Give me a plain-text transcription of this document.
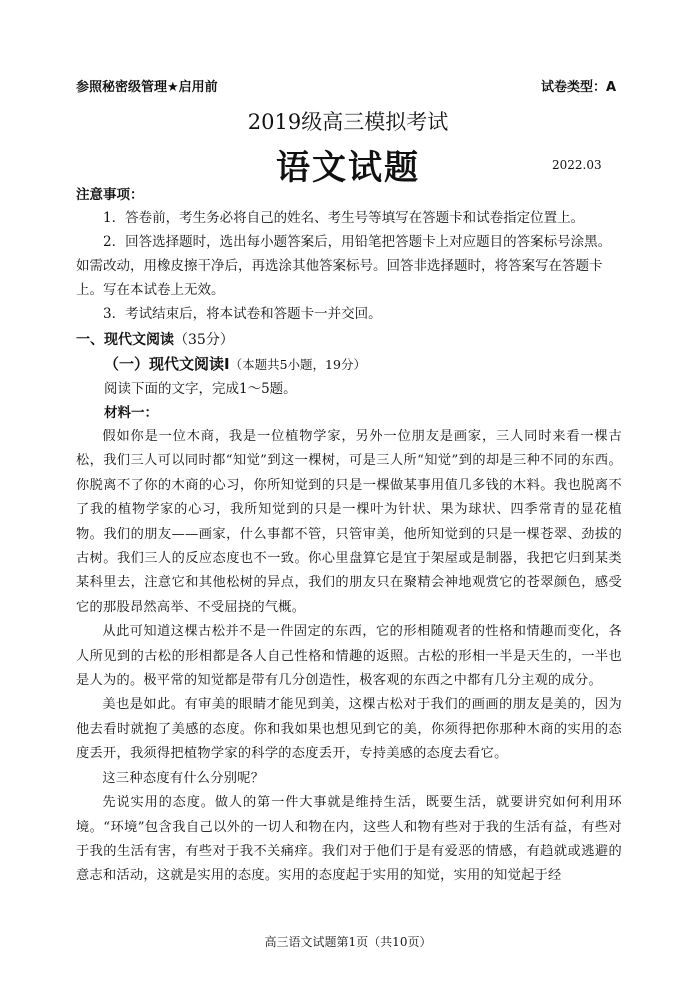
参照秘密级管理★启用前	试卷类型：A
2019级高三模拟考试
语文试题	2022.03
注意事项：

1．答卷前，考生务必将自己的姓名、考生号等填写在答题卡和试卷指定位置上。

2．回答选择题时，选出每小题答案后，用铅笔把答题卡上对应题目的答案标号涂黑。如需改动，用橡皮擦干净后，再选涂其他答案标号。回答非选择题时，将答案写在答题卡上。写在本试卷上无效。

3．考试结束后，将本试卷和答题卡一并交回。

一、现代文阅读（35分）
（一）现代文阅读Ⅰ（本题共5小题，19分）
阅读下面的文字，完成1～5题。
材料一：

假如你是一位木商，我是一位植物学家，另外一位朋友是画家，三人同时来看一棵古松，我们三人可以同时都“知觉”到这一棵树，可是三人所“知觉”到的却是三种不同的东西。你脱离不了你的木商的心习，你所知觉到的只是一棵做某事用值几多钱的木料。我也脱离不了我的植物学家的心习，我所知觉到的只是一棵叶为针状、果为球状、四季常青的显花植物。我们的朋友——画家，什么事都不管，只管审美，他所知觉到的只是一棵苍翠、劲拔的古树。我们三人的反应态度也不一致。你心里盘算它是宜于架屋或是制器，我把它归到某类某科里去，注意它和其他松树的异点，我们的朋友只在聚精会神地观赏它的苍翠颜色，感受它的那股昂然高举、不受屈挠的气概。

从此可知道这棵古松并不是一件固定的东西，它的形相随观者的性格和情趣而变化，各人所见到的古松的形相都是各人自己性格和情趣的返照。古松的形相一半是天生的，一半也是人为的。极平常的知觉都是带有几分创造性，极客观的东西之中都有几分主观的成分。

美也是如此。有审美的眼睛才能见到美，这棵古松对于我们的画画的朋友是美的，因为他去看时就抱了美感的态度。你和我如果也想见到它的美，你须得把你那种木商的实用的态度丢开，我须得把植物学家的科学的态度丢开，专持美感的态度去看它。

这三种态度有什么分别呢？

先说实用的态度。做人的第一件大事就是维持生活，既要生活，就要讲究如何利用环境。“环境”包含我自己以外的一切人和物在内，这些人和物有些对于我的生活有益，有些对于我的生活有害，有些对于我不关痛痒。我们对于他们于是有爱恶的情感，有趋就或逃避的意志和活动，这就是实用的态度。实用的态度起于实用的知觉，实用的知觉起于经

高三语文试题第1页（共10页）
